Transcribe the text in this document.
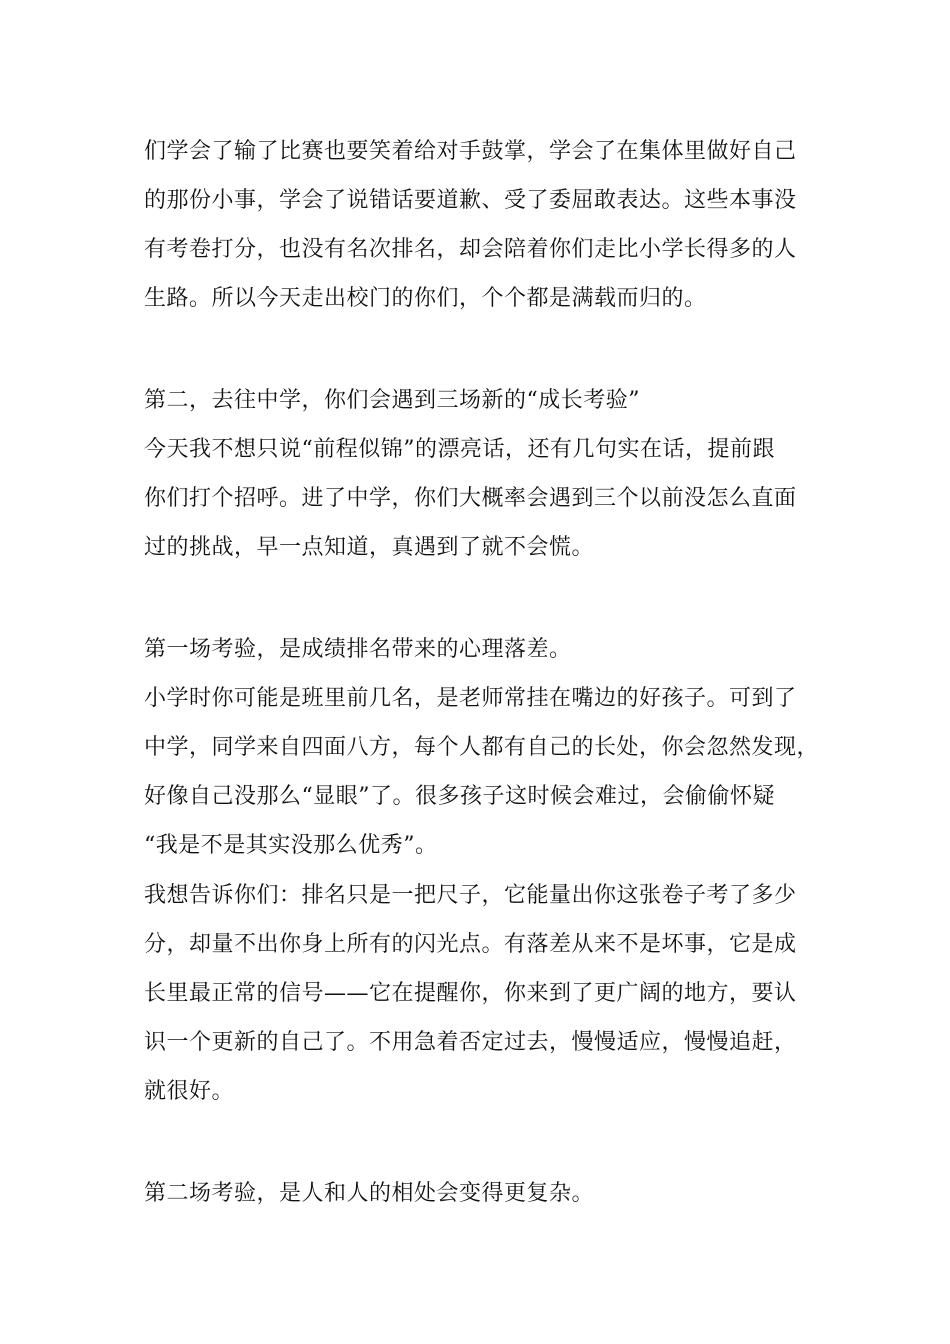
们学会了输了比赛也要笑着给对手鼓掌，学会了在集体里做好自己
的那份小事，学会了说错话要道歉、受了委屈敢表达。这些本事没
有考卷打分，也没有名次排名，却会陪着你们走比小学长得多的人
生路。所以今天走出校门的你们，个个都是满载而归的。
第二，去往中学，你们会遇到三场新的“成长考验”
今天我不想只说“前程似锦”的漂亮话，还有几句实在话，提前跟
你们打个招呼。进了中学，你们大概率会遇到三个以前没怎么直面
过的挑战，早一点知道，真遇到了就不会慌。
第一场考验，是成绩排名带来的心理落差。
小学时你可能是班里前几名，是老师常挂在嘴边的好孩子。可到了
中学，同学来自四面八方，每个人都有自己的长处，你会忽然发现，
好像自己没那么“显眼”了。很多孩子这时候会难过，会偷偷怀疑
“我是不是其实没那么优秀”。
我想告诉你们：排名只是一把尺子，它能量出你这张卷子考了多少
分，却量不出你身上所有的闪光点。有落差从来不是坏事，它是成
长里最正常的信号——它在提醒你，你来到了更广阔的地方，要认
识一个更新的自己了。不用急着否定过去，慢慢适应，慢慢追赶，
就很好。
第二场考验，是人和人的相处会变得更复杂。
